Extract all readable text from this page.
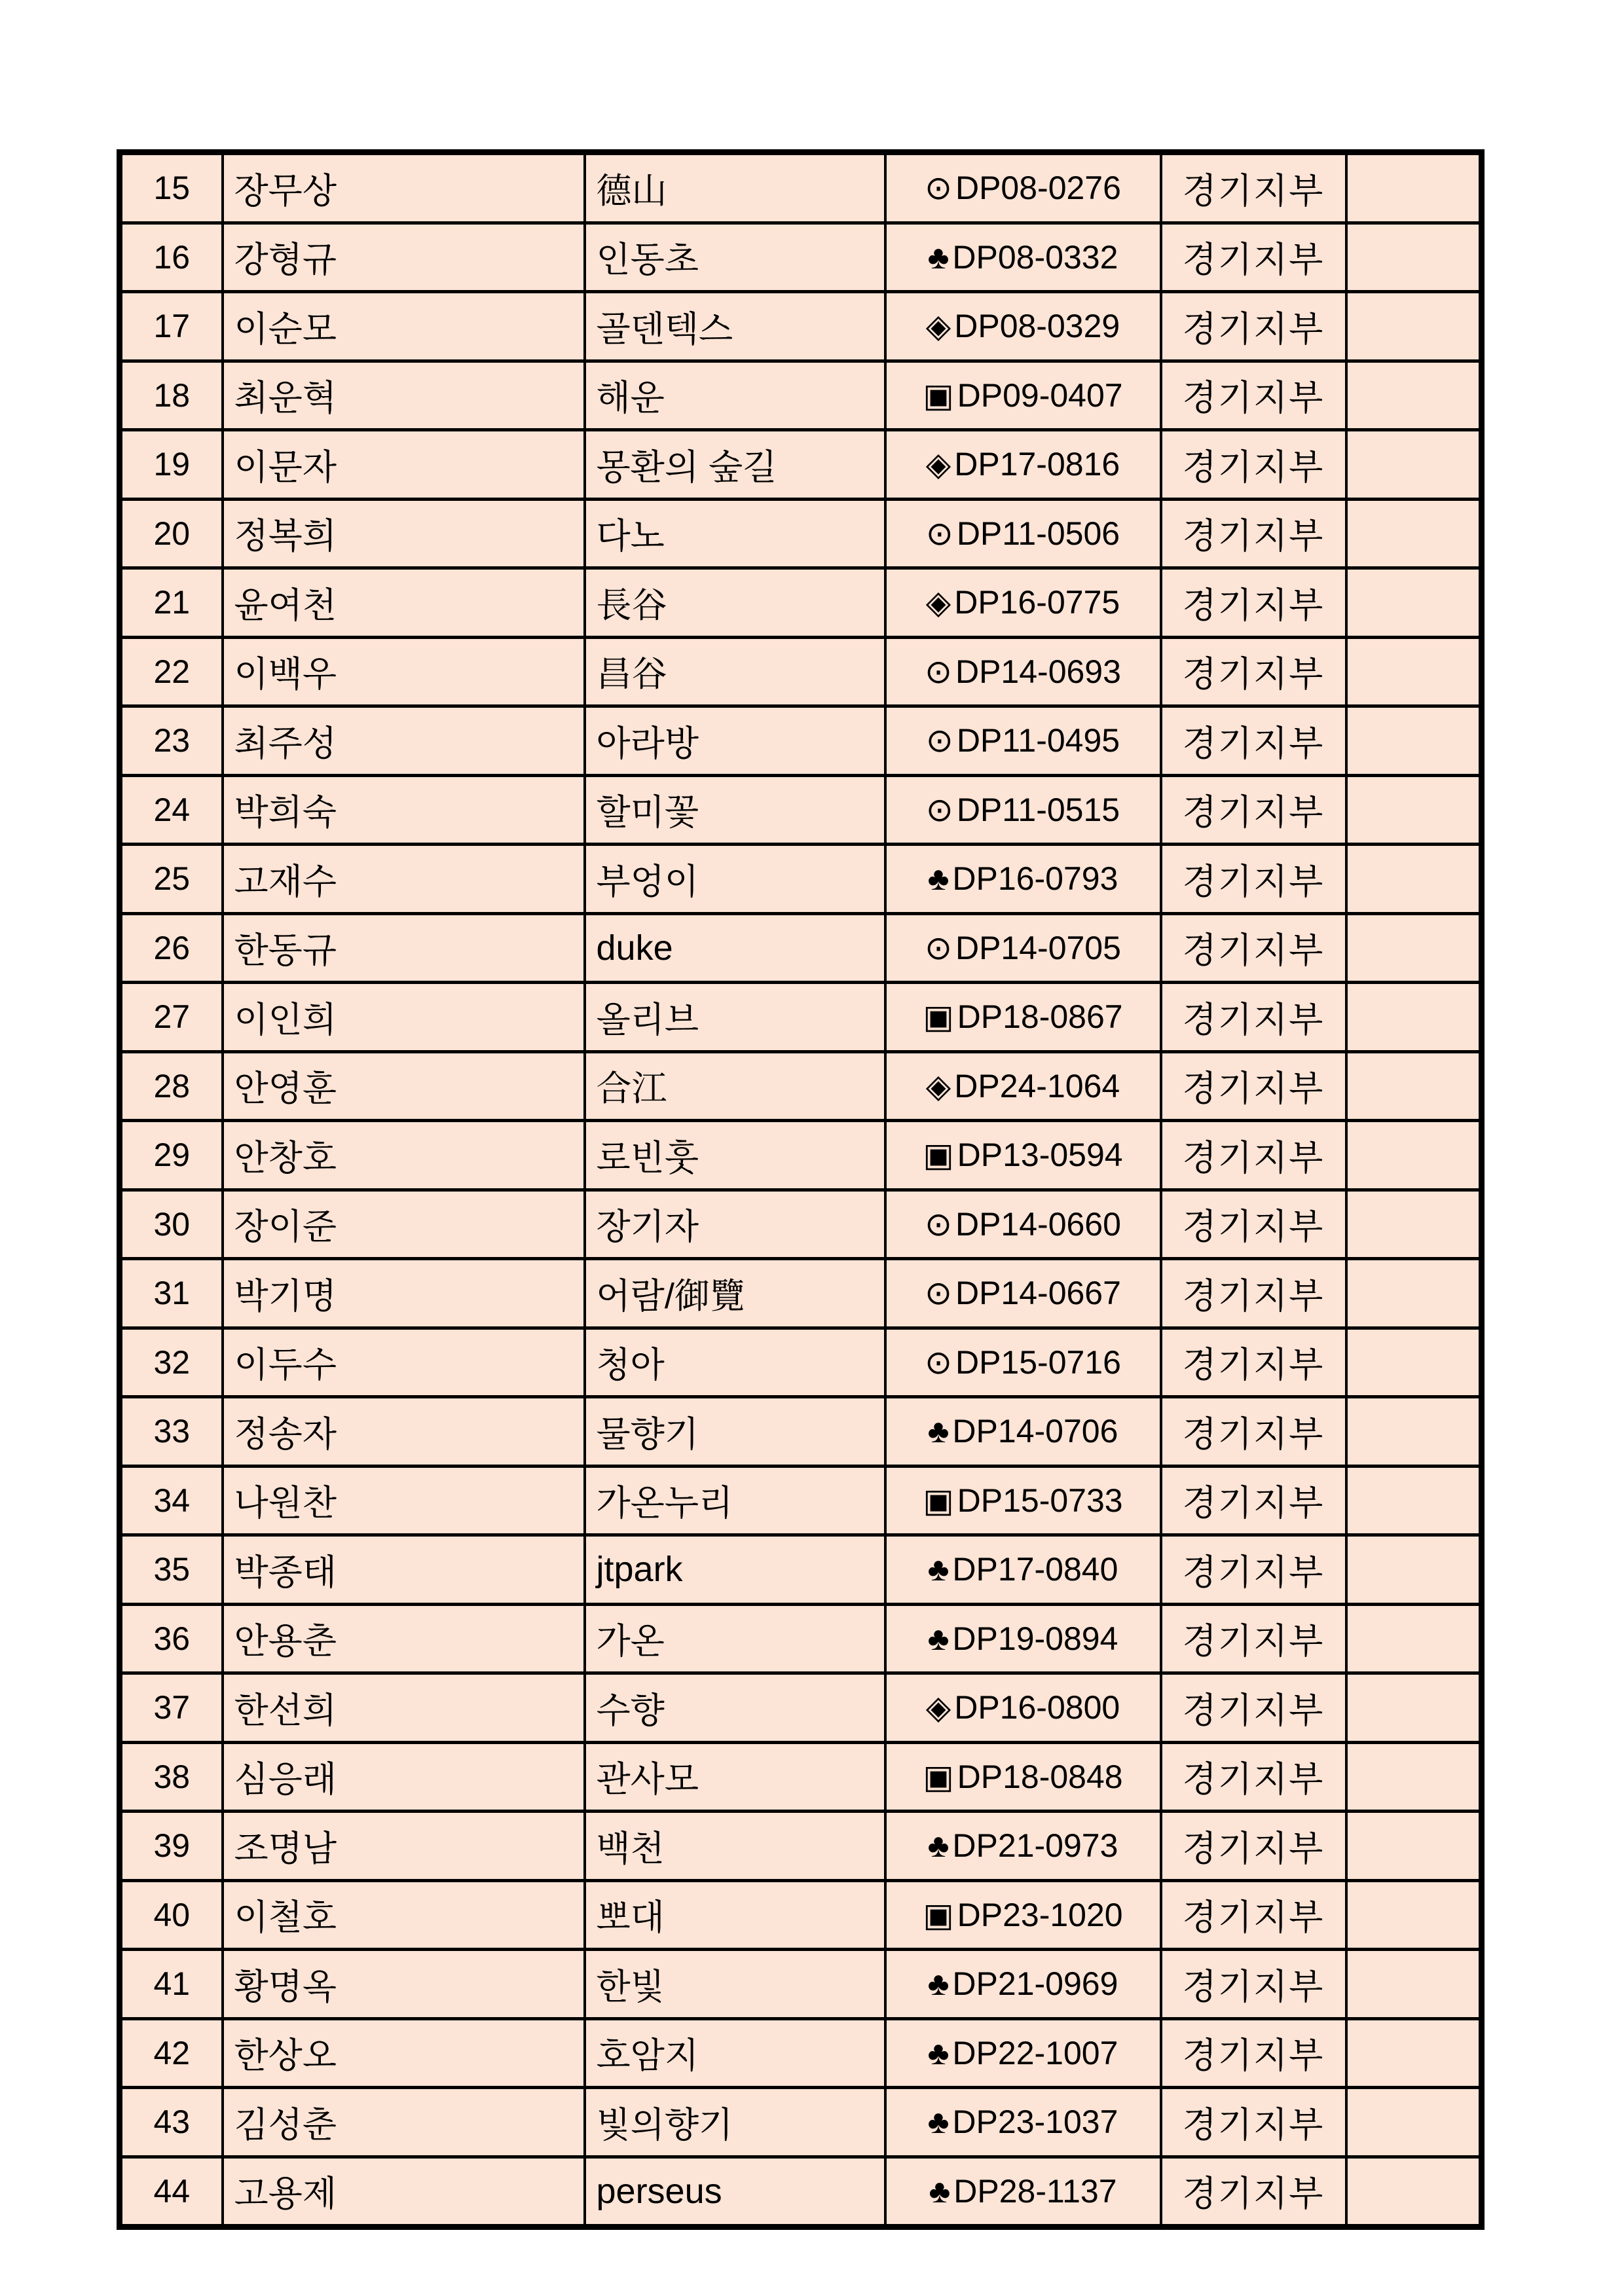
15	장무상	德山	⊙ DP08-0276	경기지부	
16	강형규	인동초	♣ DP08-0332	경기지부	
17	이순모	골덴텍스	◈ DP08-0329	경기지부	
18	최운혁	해운	▣ DP09-0407	경기지부	
19	이문자	몽환의 숲길	◈ DP17-0816	경기지부	
20	정복희	다노	⊙ DP11-0506	경기지부	
21	윤여천	長谷	◈ DP16-0775	경기지부	
22	이백우	昌谷	⊙ DP14-0693	경기지부	
23	최주성	아라방	⊙ DP11-0495	경기지부	
24	박희숙	할미꽃	⊙ DP11-0515	경기지부	
25	고재수	부엉이	♣ DP16-0793	경기지부	
26	한동규	duke	⊙ DP14-0705	경기지부	
27	이인희	올리브	▣ DP18-0867	경기지부	
28	안영훈	合江	◈ DP24-1064	경기지부	
29	안창호	로빈훗	▣ DP13-0594	경기지부	
30	장이준	장기자	⊙ DP14-0660	경기지부	
31	박기명	어람/御覽	⊙ DP14-0667	경기지부	
32	이두수	청아	⊙ DP15-0716	경기지부	
33	정송자	물향기	♣ DP14-0706	경기지부	
34	나원찬	가온누리	▣ DP15-0733	경기지부	
35	박종태	jtpark	♣ DP17-0840	경기지부	
36	안용춘	가온	♣ DP19-0894	경기지부	
37	한선희	수향	◈ DP16-0800	경기지부	
38	심응래	관사모	▣ DP18-0848	경기지부	
39	조명남	백천	♣ DP21-0973	경기지부	
40	이철호	뽀대	▣ DP23-1020	경기지부	
41	황명옥	한빛	♣ DP21-0969	경기지부	
42	한상오	호암지	♣ DP22-1007	경기지부	
43	김성춘	빛의향기	♣ DP23-1037	경기지부	
44	고용제	perseus	♣ DP28-1137	경기지부	
